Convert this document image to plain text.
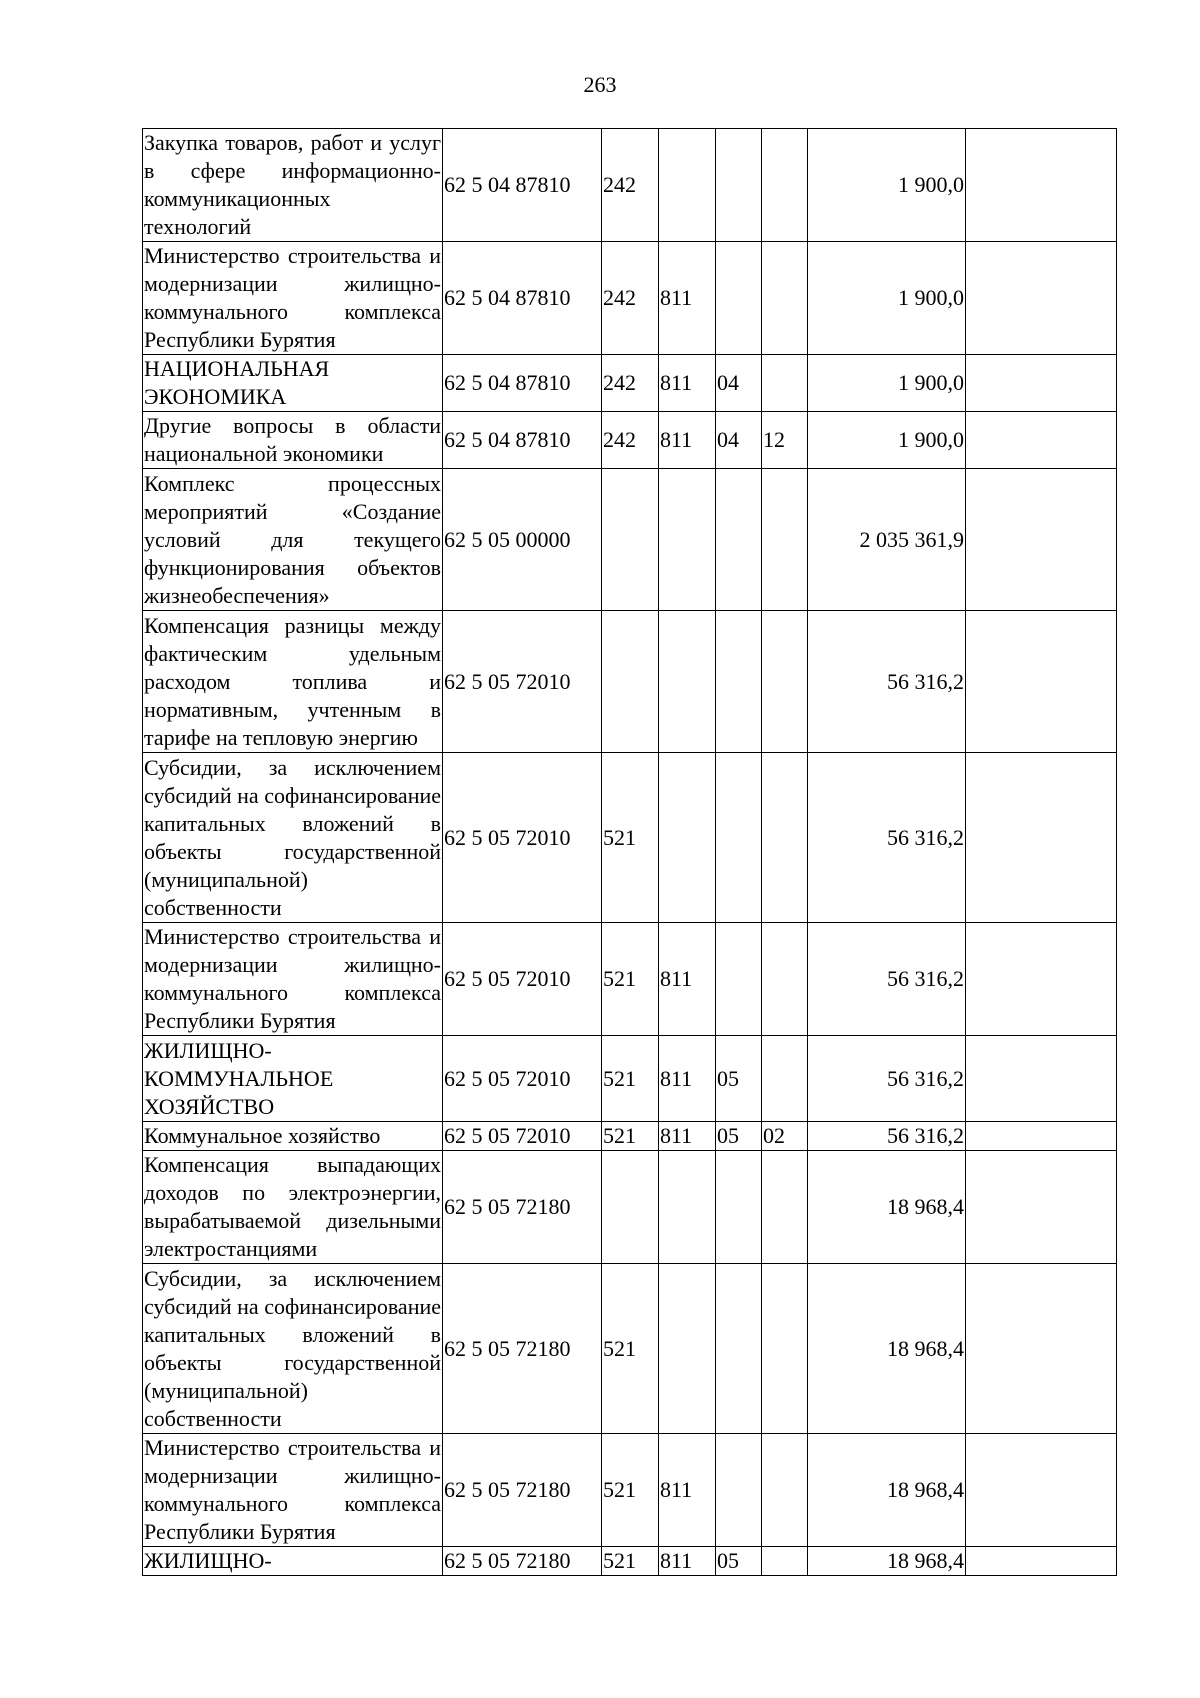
263
Закупка товаров, работ и услуг в сфере информационно-коммуникационных технологий	62 5 04 87810	242				1 900,0	
Министерство строительства и модернизации жилищно-коммунального комплекса Республики Бурятия	62 5 04 87810	242	811			1 900,0	
НАЦИОНАЛЬНАЯ ЭКОНОМИКА	62 5 04 87810	242	811	04		1 900,0	
Другие вопросы в области национальной экономики	62 5 04 87810	242	811	04	12	1 900,0	
Комплекс процессных мероприятий «Создание условий для текущего функционирования объектов жизнеобеспечения»	62 5 05 00000					2 035 361,9	
Компенсация разницы между фактическим удельным расходом топлива и нормативным, учтенным в тарифе на тепловую энергию	62 5 05 72010					56 316,2	
Субсидии, за исключением субсидий на софинансирование капитальных вложений в объекты государственной (муниципальной) собственности	62 5 05 72010	521				56 316,2	
Министерство строительства и модернизации жилищно-коммунального комплекса Республики Бурятия	62 5 05 72010	521	811			56 316,2	
ЖИЛИЩНО-КОММУНАЛЬНОЕ ХОЗЯЙСТВО	62 5 05 72010	521	811	05		56 316,2	
Коммунальное хозяйство	62 5 05 72010	521	811	05	02	56 316,2	
Компенсация выпадающих доходов по электроэнергии, вырабатываемой дизельными электростанциями	62 5 05 72180					18 968,4	
Субсидии, за исключением субсидий на софинансирование капитальных вложений в объекты государственной (муниципальной) собственности	62 5 05 72180	521				18 968,4	
Министерство строительства и модернизации жилищно-коммунального комплекса Республики Бурятия	62 5 05 72180	521	811			18 968,4	
ЖИЛИЩНО-	62 5 05 72180	521	811	05		18 968,4	
